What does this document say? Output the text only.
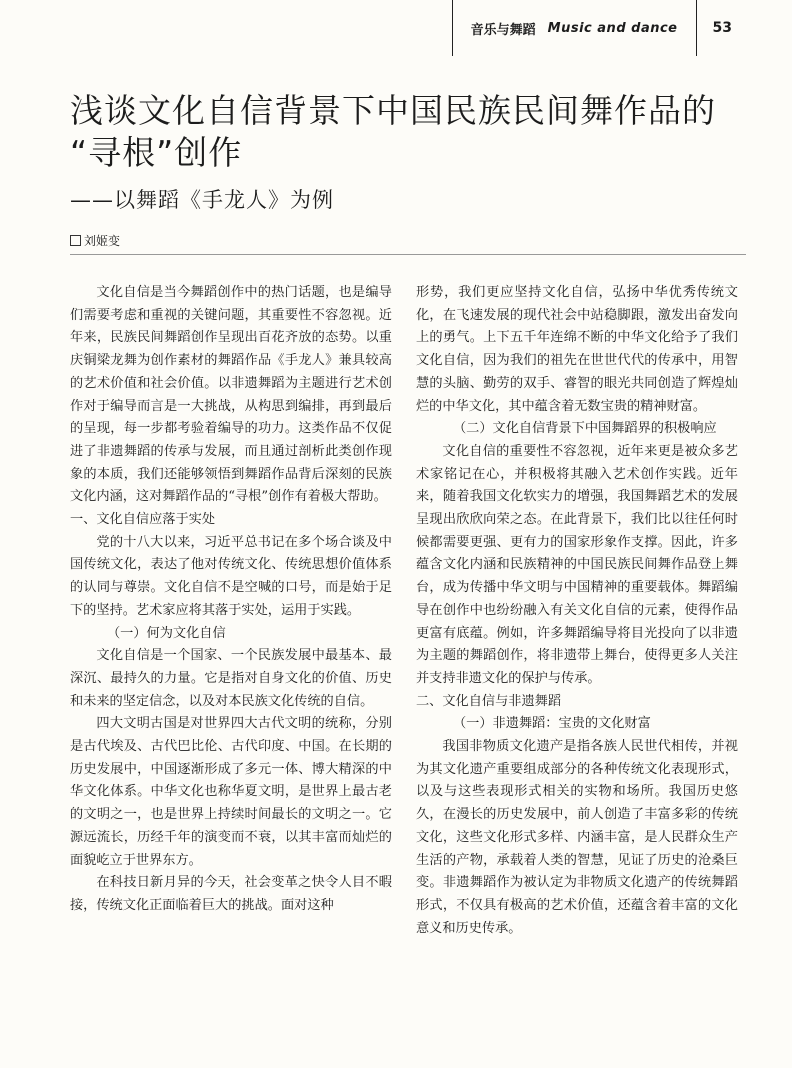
音乐与舞蹈 Music and dance	53
浅谈文化自信背景下中国民族民间舞作品的
“寻根”创作
——以舞蹈《手龙人》为例
刘姬变

文化自信是当今舞蹈创作中的热门话题，也是编导们需要考虑和重视的关键问题，其重要性不容忽视。近年来，民族民间舞蹈创作呈现出百花齐放的态势。以重庆铜梁龙舞为创作素材的舞蹈作品《手龙人》兼具较高的艺术价值和社会价值。以非遗舞蹈为主题进行艺术创作对于编导而言是一大挑战，从构思到编排，再到最后的呈现，每一步都考验着编导的功力。这类作品不仅促进了非遗舞蹈的传承与发展，而且通过剖析此类创作现象的本质，我们还能够领悟到舞蹈作品背后深刻的民族文化内涵，这对舞蹈作品的“寻根”创作有着极大帮助。

一、文化自信应落于实处

党的十八大以来，习近平总书记在多个场合谈及中国传统文化，表达了他对传统文化、传统思想价值体系的认同与尊崇。文化自信不是空喊的口号，而是始于足下的坚持。艺术家应将其落于实处，运用于实践。

（一）何为文化自信

文化自信是一个国家、一个民族发展中最基本、最深沉、最持久的力量。它是指对自身文化的价值、历史和未来的坚定信念，以及对本民族文化传统的自信。

四大文明古国是对世界四大古代文明的统称，分别是古代埃及、古代巴比伦、古代印度、中国。在长期的历史发展中，中国逐渐形成了多元一体、博大精深的中华文化体系。中华文化也称华夏文明，是世界上最古老的文明之一，也是世界上持续时间最长的文明之一。它源远流长，历经千年的演变而不衰，以其丰富而灿烂的面貌屹立于世界东方。

在科技日新月异的今天，社会变革之快令人目不暇接，传统文化正面临着巨大的挑战。面对这种

形势，我们更应坚持文化自信，弘扬中华优秀传统文化，在飞速发展的现代社会中站稳脚跟，激发出奋发向上的勇气。上下五千年连绵不断的中华文化给予了我们文化自信，因为我们的祖先在世世代代的传承中，用智慧的头脑、勤劳的双手、睿智的眼光共同创造了辉煌灿烂的中华文化，其中蕴含着无数宝贵的精神财富。

（二）文化自信背景下中国舞蹈界的积极响应

文化自信的重要性不容忽视，近年来更是被众多艺术家铭记在心，并积极将其融入艺术创作实践。近年来，随着我国文化软实力的增强，我国舞蹈艺术的发展呈现出欣欣向荣之态。在此背景下，我们比以往任何时候都需要更强、更有力的国家形象作支撑。因此，许多蕴含文化内涵和民族精神的中国民族民间舞作品登上舞台，成为传播中华文明与中国精神的重要载体。舞蹈编导在创作中也纷纷融入有关文化自信的元素，使得作品更富有底蕴。例如，许多舞蹈编导将目光投向了以非遗为主题的舞蹈创作，将非遗带上舞台，使得更多人关注并支持非遗文化的保护与传承。

二、文化自信与非遗舞蹈
（一）非遗舞蹈：宝贵的文化财富

我国非物质文化遗产是指各族人民世代相传，并视为其文化遗产重要组成部分的各种传统文化表现形式，以及与这些表现形式相关的实物和场所。我国历史悠久，在漫长的历史发展中，前人创造了丰富多彩的传统文化，这些文化形式多样、内涵丰富，是人民群众生产生活的产物，承载着人类的智慧，见证了历史的沧桑巨变。非遗舞蹈作为被认定为非物质文化遗产的传统舞蹈形式，不仅具有极高的艺术价值，还蕴含着丰富的文化意义和历史传承。
